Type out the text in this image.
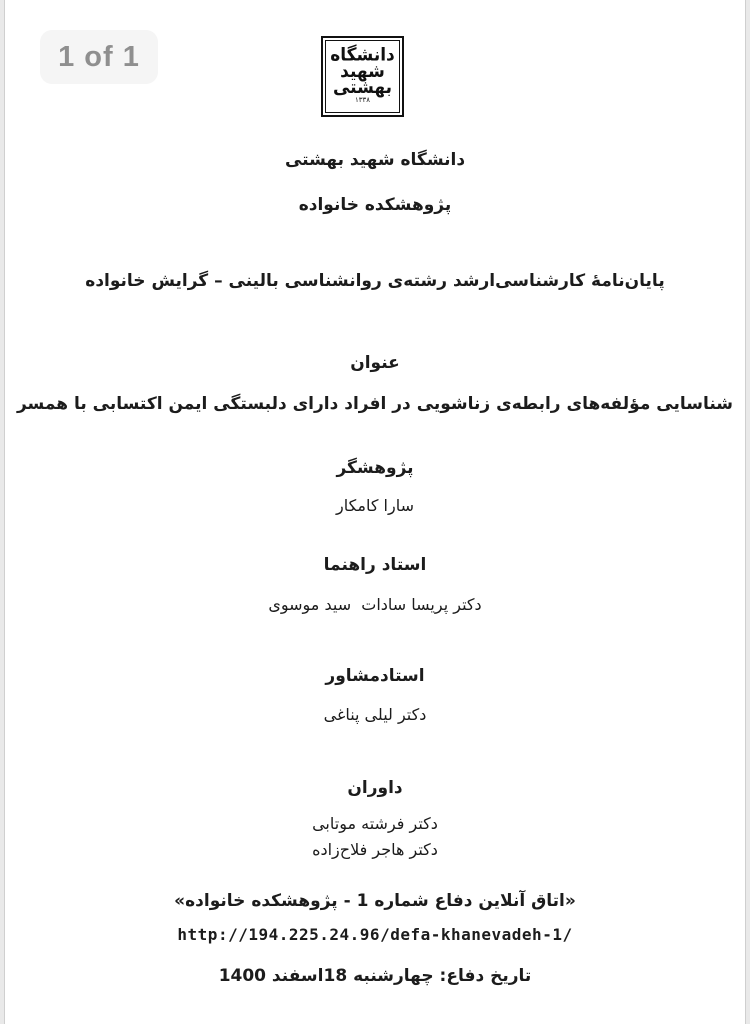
1 of 1	دانشگاه
شهید
بهشتی
۱۳۳۸
دانشگاه شهید بهشتی
پژوهشکده خانواده
پایان‌نامهٔ کارشناسی‌ارشد رشته‌ی روانشناسی بالینی – گرایش خانواده
عنوان
شناسایی مؤلفه‌های رابطه‌ی زناشویی در افراد دارای دلبستگی ایمن اکتسابی با همسر
پژوهشگر
سارا کامکار
استاد راهنما
دکتر پریسا سادات  سید موسوی
استادمشاور
دکتر لیلی پناغی
داوران
دکتر فرشته موتابی
دکتر هاجر فلاح‌زاده
«اتاق آنلاین دفاع شماره 1 - پژوهشکده خانواده»
http://194.225.24.96/defa-khanevadeh-1/
تاریخ دفاع: چهارشنبه 18اسفند 1400
